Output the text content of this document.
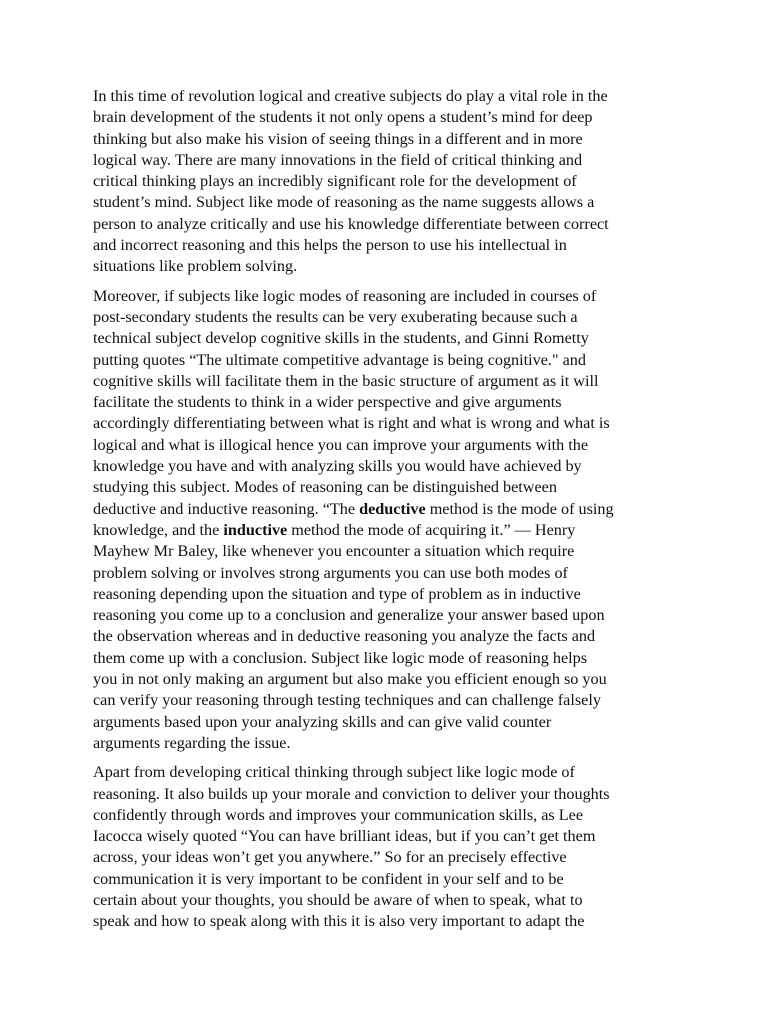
In this time of revolution logical and creative subjects do play a vital role in the
brain development of the students it not only opens a student’s mind for deep
thinking but also make his vision of seeing things in a different and in more
logical way. There are many innovations in the field of critical thinking and
critical thinking plays an incredibly significant role for the development of
student’s mind. Subject like mode of reasoning as the name suggests allows a
person to analyze critically and use his knowledge differentiate between correct
and incorrect reasoning and this helps the person to use his intellectual in
situations like problem solving.

Moreover, if subjects like logic modes of reasoning are included in courses of
post-secondary students the results can be very exuberating because such a
technical subject develop cognitive skills in the students, and Ginni Rometty
putting quotes “The ultimate competitive advantage is being cognitive." and
cognitive skills will facilitate them in the basic structure of argument as it will
facilitate the students to think in a wider perspective and give arguments
accordingly differentiating between what is right and what is wrong and what is
logical and what is illogical hence you can improve your arguments with the
knowledge you have and with analyzing skills you would have achieved by
studying this subject. Modes of reasoning can be distinguished between
deductive and inductive reasoning. “The deductive method is the mode of using
knowledge, and the inductive method the mode of acquiring it.” — Henry
Mayhew Mr Baley, like whenever you encounter a situation which require
problem solving or involves strong arguments you can use both modes of
reasoning depending upon the situation and type of problem as in inductive
reasoning you come up to a conclusion and generalize your answer based upon
the observation whereas and in deductive reasoning you analyze the facts and
them come up with a conclusion. Subject like logic mode of reasoning helps
you in not only making an argument but also make you efficient enough so you
can verify your reasoning through testing techniques and can challenge falsely
arguments based upon your analyzing skills and can give valid counter
arguments regarding the issue.

Apart from developing critical thinking through subject like logic mode of
reasoning. It also builds up your morale and conviction to deliver your thoughts
confidently through words and improves your communication skills, as Lee
Iacocca wisely quoted “You can have brilliant ideas, but if you can’t get them
across, your ideas won’t get you anywhere.” So for an precisely effective
communication it is very important to be confident in your self and to be
certain about your thoughts, you should be aware of when to speak, what to
speak and how to speak along with this it is also very important to adapt the
